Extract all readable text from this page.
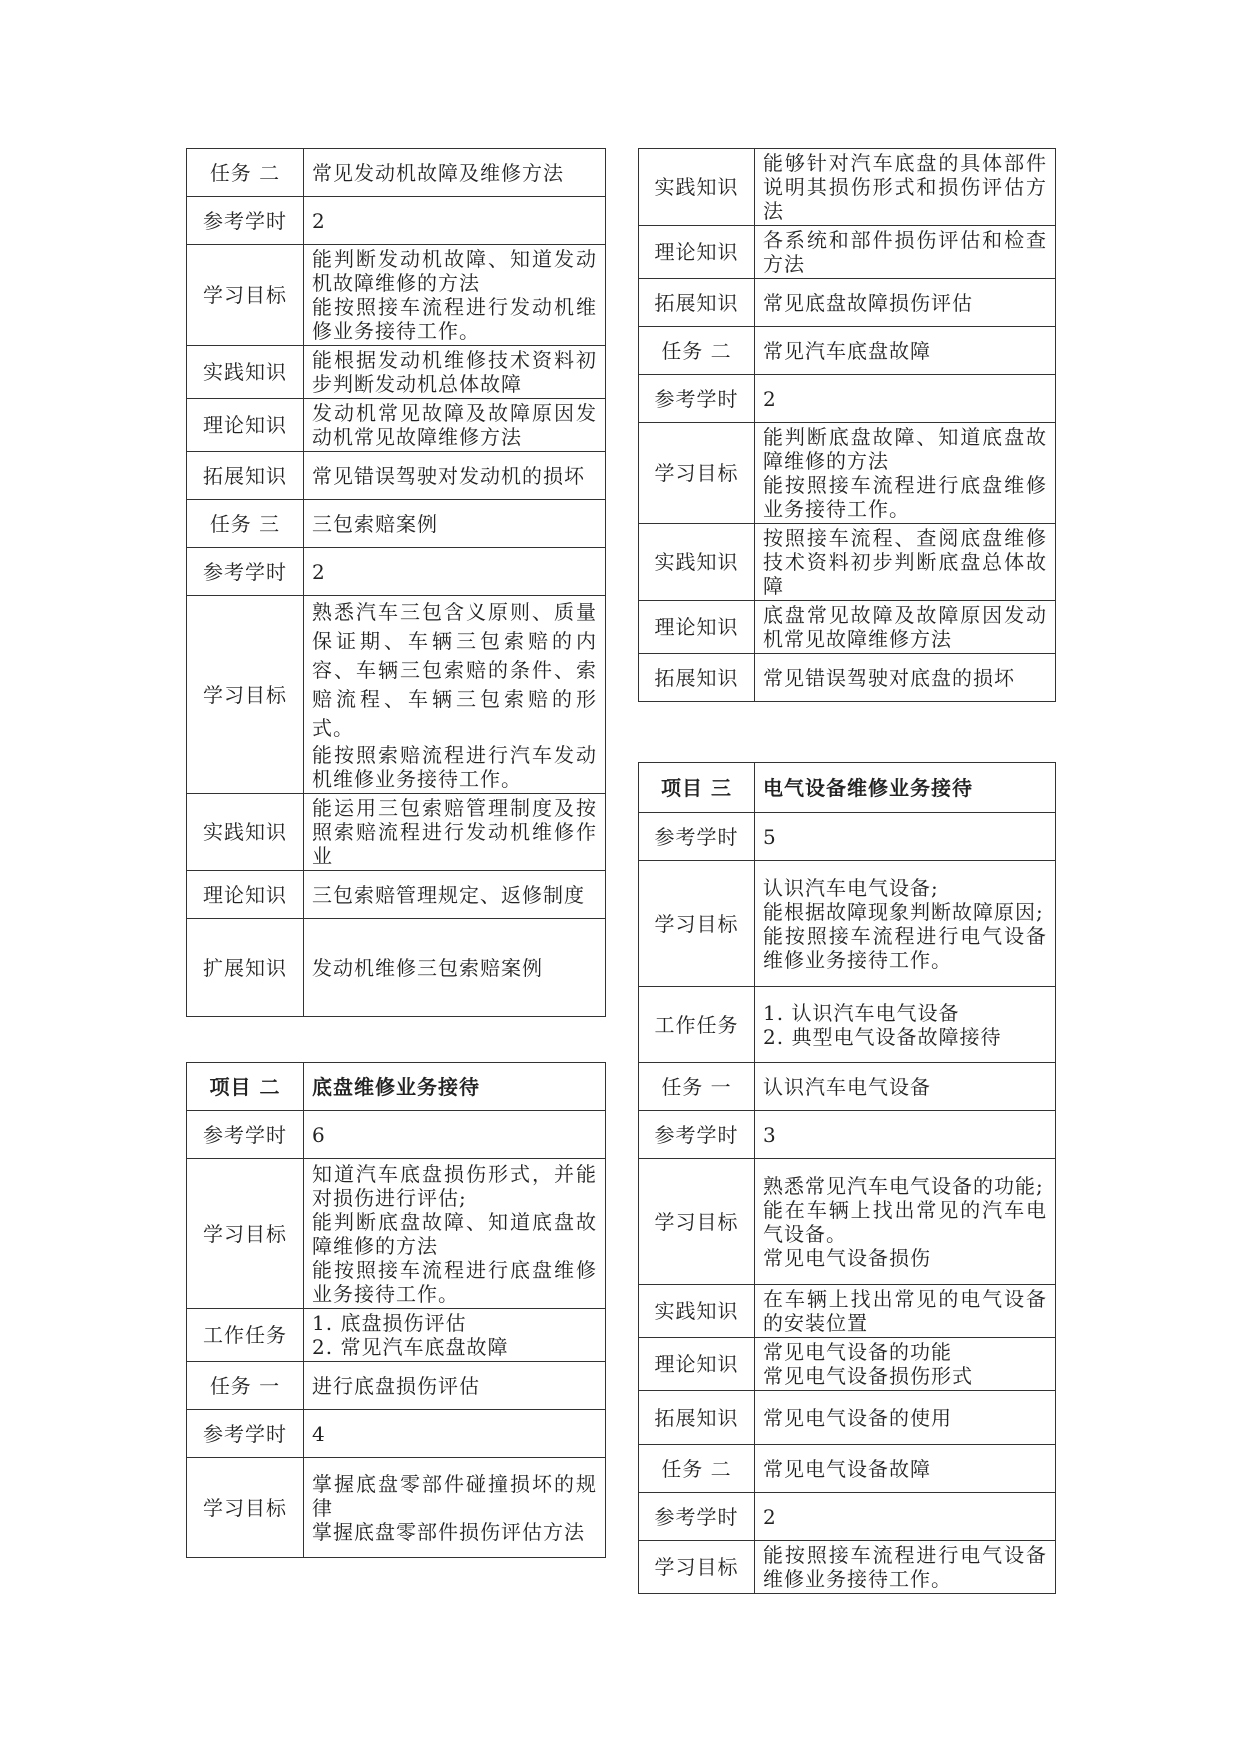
任务 二	常见发动机故障及维修方法

参考学时	2

学习目标	能判断发动机故障、知道发动机故障维修的方法
能按照接车流程进行发动机维修业务接待工作。

实践知识	能根据发动机维修技术资料初步判断发动机总体故障

理论知识	发动机常见故障及故障原因发动机常见故障维修方法

拓展知识	常见错误驾驶对发动机的损坏

任务 三	三包索赔案例

参考学时	2

学习目标	熟悉汽车三包含义原则、质量保证期、车辆三包索赔的内容、车辆三包索赔的条件、索赔流程、车辆三包索赔的形式。
能按照索赔流程进行汽车发动机维修业务接待工作。

实践知识	能运用三包索赔管理制度及按照索赔流程进行发动机维修作业

理论知识	三包索赔管理规定、返修制度

扩展知识	发动机维修三包索赔案例
项目 二	底盘维修业务接待
参考学时	6

学习目标	知道汽车底盘损伤形式，并能对损伤进行评估;
能判断底盘故障、知道底盘故障维修的方法
能按照接车流程进行底盘维修业务接待工作。

工作任务	1. 底盘损伤评估
2. 常见汽车底盘故障

任务 一	进行底盘损伤评估

参考学时	4

学习目标	掌握底盘零部件碰撞损坏的规律
掌握底盘零部件损伤评估方法
实践知识	能够针对汽车底盘的具体部件说明其损伤形式和损伤评估方法

理论知识	各系统和部件损伤评估和检查方法

拓展知识	常见底盘故障损伤评估

任务 二	常见汽车底盘故障

参考学时	2

学习目标	能判断底盘故障、知道底盘故障维修的方法
能按照接车流程进行底盘维修业务接待工作。

实践知识	按照接车流程、查阅底盘维修技术资料初步判断底盘总体故障

理论知识	底盘常见故障及故障原因发动机常见故障维修方法

拓展知识	常见错误驾驶对底盘的损坏
项目 三	电气设备维修业务接待
参考学时	5

学习目标	认识汽车电气设备;
能根据故障现象判断故障原因;
能按照接车流程进行电气设备维修业务接待工作。

工作任务	1. 认识汽车电气设备
2. 典型电气设备故障接待

任务 一	认识汽车电气设备

参考学时	3

学习目标	熟悉常见汽车电气设备的功能;
能在车辆上找出常见的汽车电气设备。
常见电气设备损伤

实践知识	在车辆上找出常见的电气设备的安装位置

理论知识	常见电气设备的功能
常见电气设备损伤形式

拓展知识	常见电气设备的使用

任务 二	常见电气设备故障

参考学时	2

学习目标	能按照接车流程进行电气设备维修业务接待工作。
